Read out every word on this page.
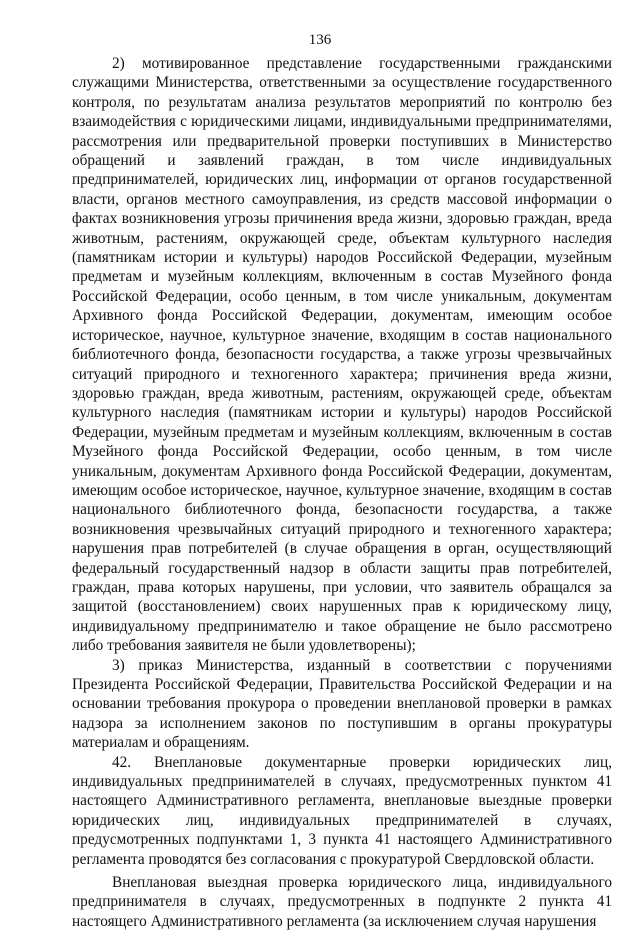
136

2) мотивированное представление государственными гражданскими служащими Министерства, ответственными за осуществление государственного контроля, по результатам анализа результатов мероприятий по контролю без взаимодействия с юридическими лицами, индивидуальными предпринимателями, рассмотрения или предварительной проверки поступивших в Министерство обращений и заявлений граждан, в том числе индивидуальных предпринимателей, юридических лиц, информации от органов государственной власти, органов местного самоуправления, из средств массовой информации о фактах возникновения угрозы причинения вреда жизни, здоровью граждан, вреда животным, растениям, окружающей среде, объектам культурного наследия (памятникам истории и культуры) народов Российской Федерации, музейным предметам и музейным коллекциям, включенным в состав Музейного фонда Российской Федерации, особо ценным, в том числе уникальным, документам Архивного фонда Российской Федерации, документам, имеющим особое историческое, научное, культурное значение, входящим в состав национального библиотечного фонда, безопасности государства, а также угрозы чрезвычайных ситуаций природного и техногенного характера; причинения вреда жизни, здоровью граждан, вреда животным, растениям, окружающей среде, объектам культурного наследия (памятникам истории и культуры) народов Российской Федерации, музейным предметам и музейным коллекциям, включенным в состав Музейного фонда Российской Федерации, особо ценным, в том числе уникальным, документам Архивного фонда Российской Федерации, документам, имеющим особое историческое, научное, культурное значение, входящим в состав национального библиотечного фонда, безопасности государства, а также возникновения чрезвычайных ситуаций природного и техногенного характера; нарушения прав потребителей (в случае обращения в орган, осуществляющий федеральный государственный надзор в области защиты прав потребителей, граждан, права которых нарушены, при условии, что заявитель обращался за защитой (восстановлением) своих нарушенных прав к юридическому лицу, индивидуальному предпринимателю и такое обращение не было рассмотрено либо требования заявителя не были удовлетворены);

3) приказ Министерства, изданный в соответствии с поручениями Президента Российской Федерации, Правительства Российской Федерации и на основании требования прокурора о проведении внеплановой проверки в рамках надзора за исполнением законов по поступившим в органы прокуратуры материалам и обращениям.

42. Внеплановые документарные проверки юридических лиц, индивидуальных предпринимателей в случаях, предусмотренных пунктом 41 настоящего Административного регламента, внеплановые выездные проверки юридических лиц, индивидуальных предпринимателей в случаях, предусмотренных подпунктами 1, 3 пункта 41 настоящего Административного регламента проводятся без согласования с прокуратурой Свердловской области.

Внеплановая выездная проверка юридического лица, индивидуального предпринимателя в случаях, предусмотренных в подпункте 2 пункта 41 настоящего Административного регламента (за исключением случая нарушения
